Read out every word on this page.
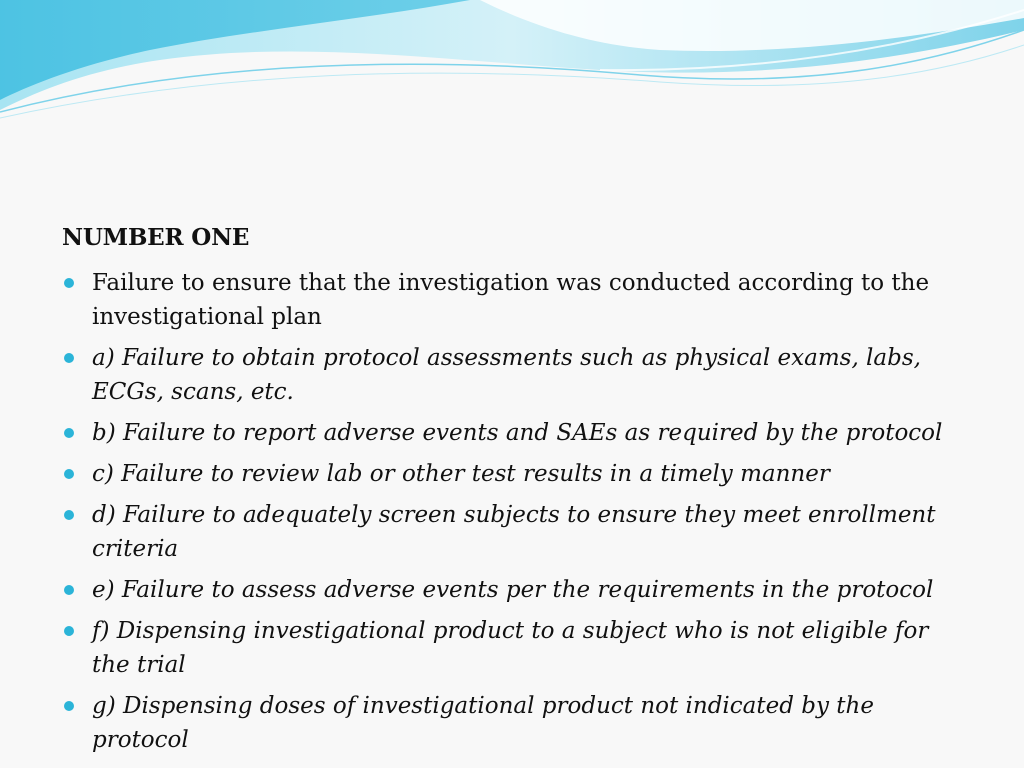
NUMBER ONE
Failure to ensure that the investigation was conducted according to the investigational plan
a) Failure to obtain protocol assessments such as physical exams, labs, ECGs, scans, etc.
b) Failure to report adverse events and SAEs as required by the protocol
c) Failure to review lab or other test results in a timely manner
d) Failure to adequately screen subjects to ensure they meet enrollment criteria
e) Failure to assess adverse events per the requirements in the protocol
f) Dispensing investigational product to a subject who is not eligible for the trial
g) Dispensing doses of investigational product not indicated by the protocol
